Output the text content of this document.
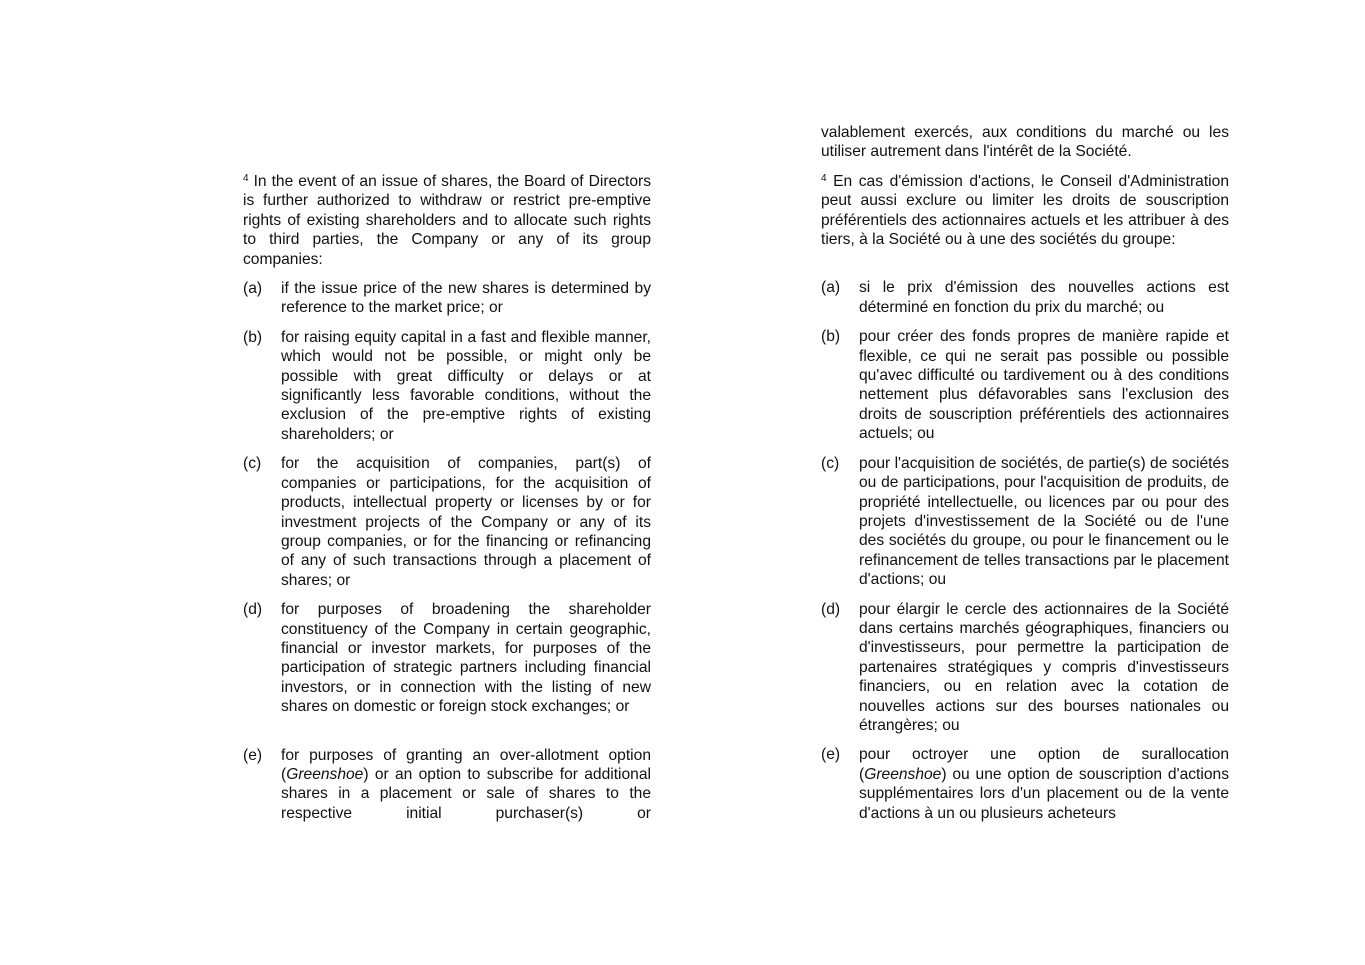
$^4$ In the event of an issue of shares, the Board of Directors is further authorized to withdraw or restrict pre-emptive rights of existing shareholders and to allocate such rights to third parties, the Company or any of its group companies:

(a)	if the issue price of the new shares is determined by reference to the market price; or
(b)	for raising equity capital in a fast and flexible manner, which would not be possible, or might only be possible with great difficulty or delays or at significantly less favorable conditions, without the exclusion of the pre-emptive rights of existing shareholders; or
(c)	for the acquisition of companies, part(s) of companies or participations, for the acquisition of products, intellectual property or licenses by or for investment projects of the Company or any of its group companies, or for the financing or refinancing of any of such transactions through a placement of shares; or
(d)	for purposes of broadening the shareholder constituency of the Company in certain geographic, financial or investor markets, for purposes of the participation of strategic partners including financial investors, or in connection with the listing of new shares on domestic or foreign stock exchanges; or
(e)	for purposes of granting an over-allotment option (Greenshoe) or an option to subscribe for additional shares in a placement or sale of shares to the respective initial purchaser(s) or

valablement exercés, aux conditions du marché ou les utiliser autrement dans l'intérêt de la Société.

$^4$ En cas d'émission d'actions, le Conseil d'Administration peut aussi exclure ou limiter les droits de souscription préférentiels des actionnaires actuels et les attribuer à des tiers, à la Société ou à une des sociétés du groupe:

(a)	si le prix d'émission des nouvelles actions est déterminé en fonction du prix du marché; ou
(b)	pour créer des fonds propres de manière rapide et flexible, ce qui ne serait pas possible ou possible qu'avec difficulté ou tardivement ou à des conditions nettement plus défavorables sans l'exclusion des droits de souscription préférentiels des actionnaires actuels; ou
(c)	pour l'acquisition de sociétés, de partie(s) de sociétés ou de participations, pour l'acquisition de produits, de propriété intellectuelle, ou licences par ou pour des projets d'investissement de la Société ou de l'une des sociétés du groupe, ou pour le financement ou le refinancement de telles transactions par le placement d'actions; ou
(d)	pour élargir le cercle des actionnaires de la Société dans certains marchés géographiques, financiers ou d'investisseurs, pour permettre la participation de partenaires stratégiques y compris d'investisseurs financiers, ou en relation avec la cotation de nouvelles actions sur des bourses nationales ou étrangères; ou
(e)	pour octroyer une option de surallocation (Greenshoe) ou une option de souscription d'actions supplémentaires lors d'un placement ou de la vente d'actions à un ou plusieurs acheteurs
